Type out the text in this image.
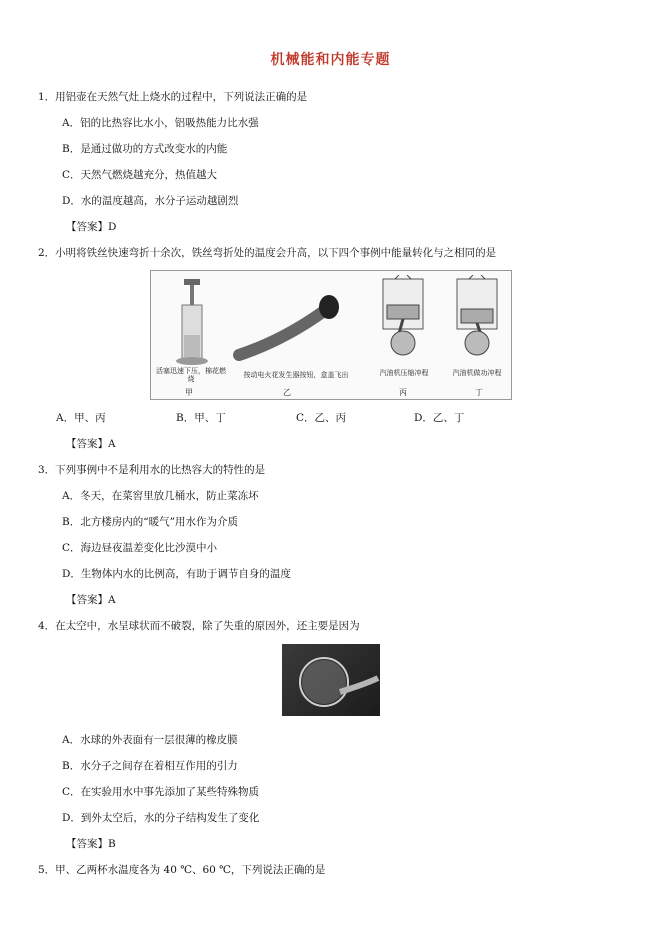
机械能和内能专题
1．用铝壶在天然气灶上烧水的过程中，下列说法正确的是
A．铝的比热容比水小，铝吸热能力比水强
B．是通过做功的方式改变水的内能
C．天然气燃烧越充分，热值越大
D．水的温度越高，水分子运动越剧烈
【答案】D
2．小明将铁丝快速弯折十余次，铁丝弯折处的温度会升高，以下四个事例中能量转化与之相同的是
活塞迅速下压，棉花燃烧
甲
按动电火花发生器按钮，盒盖飞出
乙
汽油机压缩冲程
丙
汽油机做功冲程
丁
A．甲、丙	B．甲、丁	C．乙、丙	D．乙、丁
【答案】A
3．下列事例中不是利用水的比热容大的特性的是
A．冬天，在菜窖里放几桶水，防止菜冻坏
B．北方楼房内的“暖气”用水作为介质
C．海边昼夜温差变化比沙漠中小
D．生物体内水的比例高，有助于调节自身的温度
【答案】A
4．在太空中，水呈球状而不破裂，除了失重的原因外，还主要是因为
A．水球的外表面有一层很薄的橡皮膜
B．水分子之间存在着相互作用的引力
C．在实验用水中事先添加了某些特殊物质
D．到外太空后，水的分子结构发生了变化
【答案】B
5．甲、乙两杯水温度各为 40 ℃、60 ℃，下列说法正确的是
